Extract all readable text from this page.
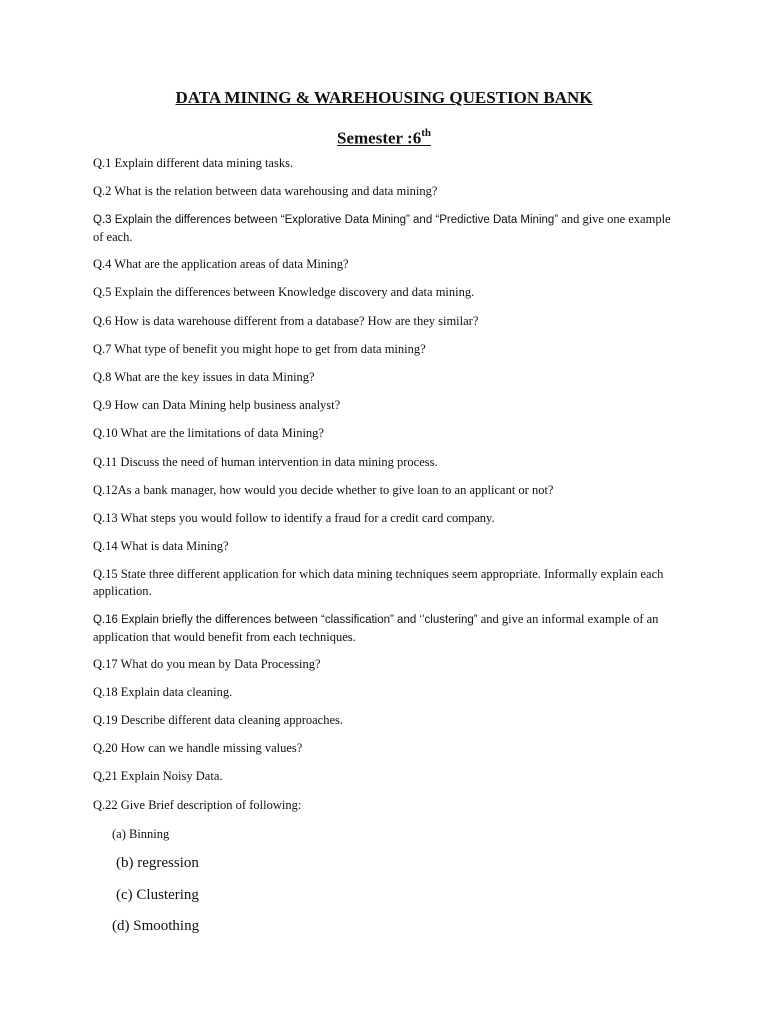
DATA MINING & WAREHOUSING QUESTION BANK
Semester :6th

Q.1 Explain different data mining tasks.

Q.2 What is the relation between data warehousing and data mining?

Q.3 Explain the differences between “Explorative Data Mining” and “Predictive Data Mining” and give one example of each.

Q.4 What are the application areas of data Mining?

Q.5 Explain the differences between Knowledge discovery and data mining.

Q.6 How is data warehouse different from a database? How are they similar?

Q.7 What type of benefit you might hope to get from data mining?

Q.8 What are the key issues in data Mining?

Q.9 How can Data Mining help business analyst?

Q.10 What are the limitations of data Mining?

Q.11 Discuss the need of human intervention in data mining process.

Q.12As a bank manager, how would you decide whether to give loan to an applicant or not?

Q.13 What steps you would follow to identify a fraud for a credit card company.

Q.14 What is data Mining?

Q.15 State three different application for which data mining techniques seem appropriate. Informally explain each application.

Q.16 Explain briefly the differences between “classification” and ‘’clustering” and give an informal example of an application that would benefit from each techniques.

Q.17 What do you mean by Data Processing?

Q.18 Explain data cleaning.

Q.19 Describe different data cleaning approaches.

Q.20 How can we handle missing values?

Q,21 Explain Noisy Data.

Q.22 Give Brief description of following:

(a) Binning

(b) regression

(c) Clustering

(d) Smoothing
